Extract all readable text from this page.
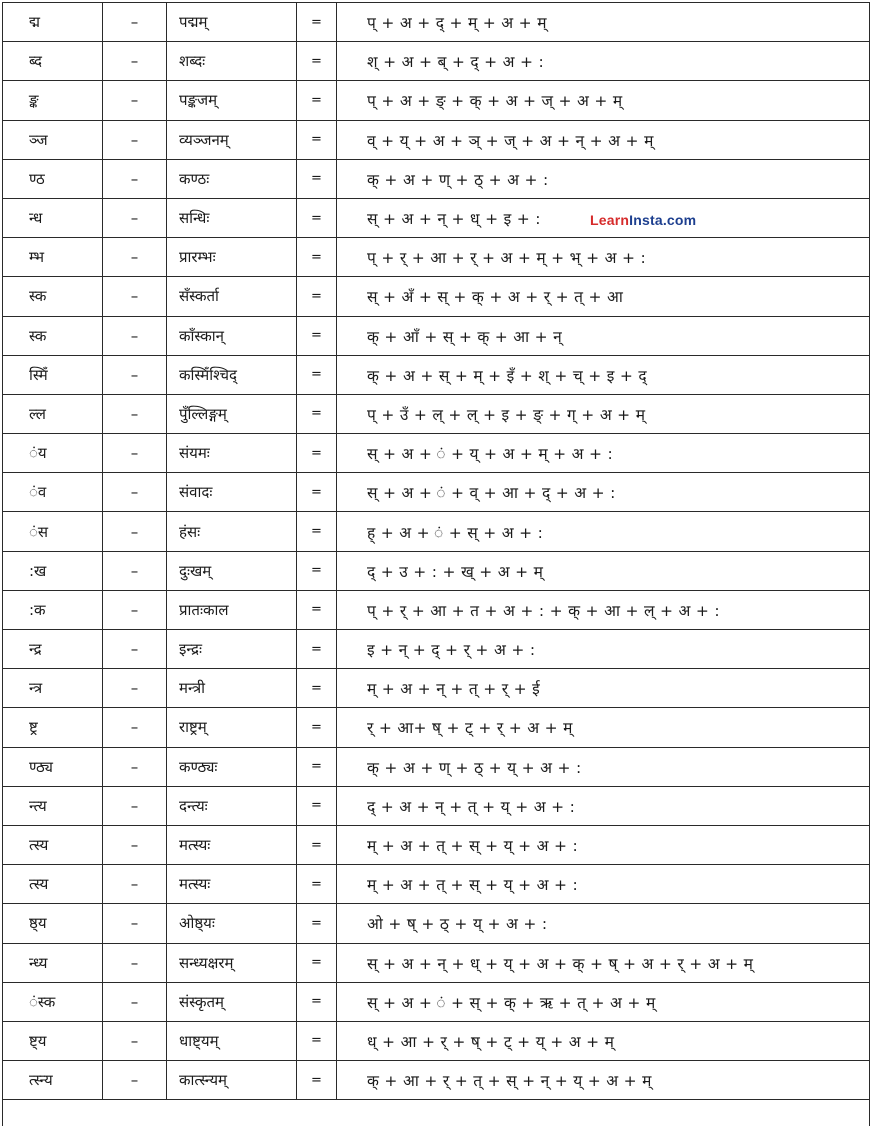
द्म	–	पद्मम्	=	प् + अ + द् + म् + अ + म्
ब्द	–	शब्दः	=	श् + अ + ब् + द् + अ + :
ङ्क	–	पङ्कजम्	=	प् + अ + ङ् + क् + अ + ज् + अ + म्
ञ्ज	–	व्यञ्जनम्	=	व् + य् + अ + ञ् + ज् + अ + न् + अ + म्
ण्ठ	–	कण्ठः	=	क् + अ + ण् + ठ् + अ + :
न्ध	–	सन्धिः	=	स् + अ + न् + ध् + इ + :
म्भ	–	प्रारम्भः	=	प् + र् + आ + र् + अ + म् + भ् + अ + :
स्क	–	सँस्कर्ता	=	स् + अँ + स् + क् + अ + र् + त् + आ
स्क	–	काँस्कान्	=	क् + आँ + स् + क् + आ + न्
स्मिँ	–	कस्मिँश्चिद्	=	क् + अ + स् + म् + इँ + श् + च् + इ + द्
ल्ल	–	पुँल्लिङ्गम्	=	प् + उँ + ल् + ल् + इ + ङ् + ग् + अ + म्
ंय	–	संयमः	=	स् + अ + ं + य् + अ + म् + अ + :
ंव	–	संवादः	=	स् + अ + ं + व् + आ + द् + अ + :
ंस	–	हंसः	=	ह् + अ + ं + स् + अ + :
:ख	–	दुःखम्	=	द् + उ + : + ख् + अ + म्
:क	–	प्रातःकाल	=	प् + र् + आ + त + अ + : + क् + आ + ल् + अ + :
न्द्र	–	इन्द्रः	=	इ + न् + द् + र् + अ + :
न्त्र	–	मन्त्री	=	म् + अ + न् + त् + र् + ई
ष्ट्र	–	राष्ट्रम्	=	र् + आ+ ष् + ट् + र् + अ + म्
ण्ठ्य	–	कण्ठ्यः	=	क् + अ + ण् + ठ् + य् + अ + :
न्त्य	–	दन्त्यः	=	द् + अ + न् + त् + य् + अ + :
त्स्य	–	मत्स्यः	=	म् + अ + त् + स् + य् + अ + :
त्स्य	–	मत्स्यः	=	म् + अ + त् + स् + य् + अ + :
ष्ठ्य	–	ओष्ठ्यः	=	ओ + ष् + ठ् + य् + अ + :
न्ध्य	–	सन्ध्यक्षरम्	=	स् + अ + न् + ध् + य् + अ + क् + ष् + अ + र् + अ + म्
ंस्क	–	संस्कृतम्	=	स् + अ + ं + स् + क् + ऋ + त् + अ + म्
ष्ट्य	–	धाष्ट्यम्	=	ध् + आ + र् + ष् + ट् + य् + अ + म्
त्स्न्य	–	कात्स्न्यम्	=	क् + आ + र् + त् + स् + न् + य् + अ + म्
LearnInsta.com
